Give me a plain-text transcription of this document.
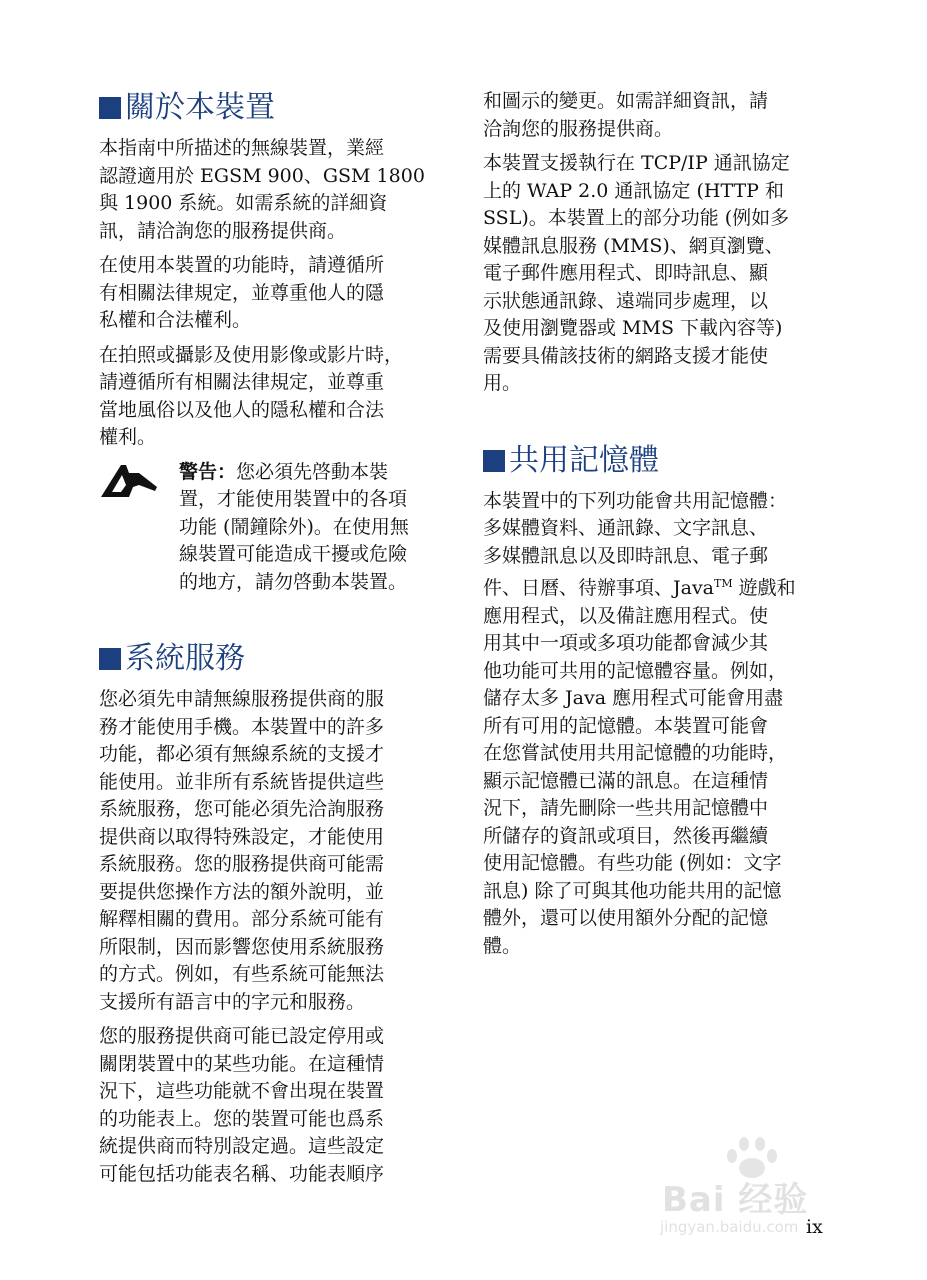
關於本裝置

本指南中所描述的無線裝置，業經
認證適用於 EGSM 900、GSM 1800
與 1900 系統。如需系統的詳細資
訊，請洽詢您的服務提供商。

在使用本裝置的功能時，請遵循所
有相關法律規定，並尊重他人的隱
私權和合法權利。

在拍照或攝影及使用影像或影片時，
請遵循所有相關法律規定，並尊重
當地風俗以及他人的隱私權和合法
權利。

警告：您必須先啓動本裝
置，才能使用裝置中的各項
功能 (鬧鐘除外)。在使用無
線裝置可能造成干擾或危險
的地方，請勿啓動本裝置。
系統服務

您必須先申請無線服務提供商的服
務才能使用手機。本裝置中的許多
功能，都必須有無線系統的支援才
能使用。並非所有系統皆提供這些
系統服務，您可能必須先洽詢服務
提供商以取得特殊設定，才能使用
系統服務。您的服務提供商可能需
要提供您操作方法的額外說明，並
解釋相關的費用。部分系統可能有
所限制，因而影響您使用系統服務
的方式。例如，有些系統可能無法
支援所有語言中的字元和服務。

您的服務提供商可能已設定停用或
關閉裝置中的某些功能。在這種情
況下，這些功能就不會出現在裝置
的功能表上。您的裝置可能也爲系
統提供商而特別設定過。這些設定
可能包括功能表名稱、功能表順序

和圖示的變更。如需詳細資訊，請
洽詢您的服務提供商。

本裝置支援執行在 TCP/IP 通訊協定
上的 WAP 2.0 通訊協定 (HTTP 和
SSL)。本裝置上的部分功能 (例如多
媒體訊息服務 (MMS)、網頁瀏覽、
電子郵件應用程式、即時訊息、顯
示狀態通訊錄、遠端同步處理，以
及使用瀏覽器或 MMS 下載內容等)
需要具備該技術的網路支援才能使
用。

共用記憶體

本裝置中的下列功能會共用記憶體：
多媒體資料、通訊錄、文字訊息、
多媒體訊息以及即時訊息、電子郵
件、日曆、待辦事項、Java™ 遊戲和
應用程式，以及備註應用程式。使
用其中一項或多項功能都會減少其
他功能可共用的記憶體容量。例如，
儲存太多 Java 應用程式可能會用盡
所有可用的記憶體。本裝置可能會
在您嘗試使用共用記憶體的功能時，
顯示記憶體已滿的訊息。在這種情
況下，請先刪除一些共用記憶體中
所儲存的資訊或項目，然後再繼續
使用記憶體。有些功能 (例如：文字
訊息) 除了可與其他功能共用的記憶
體外，還可以使用額外分配的記憶
體。

Bai 经验
jingyan.baidu.com ix
